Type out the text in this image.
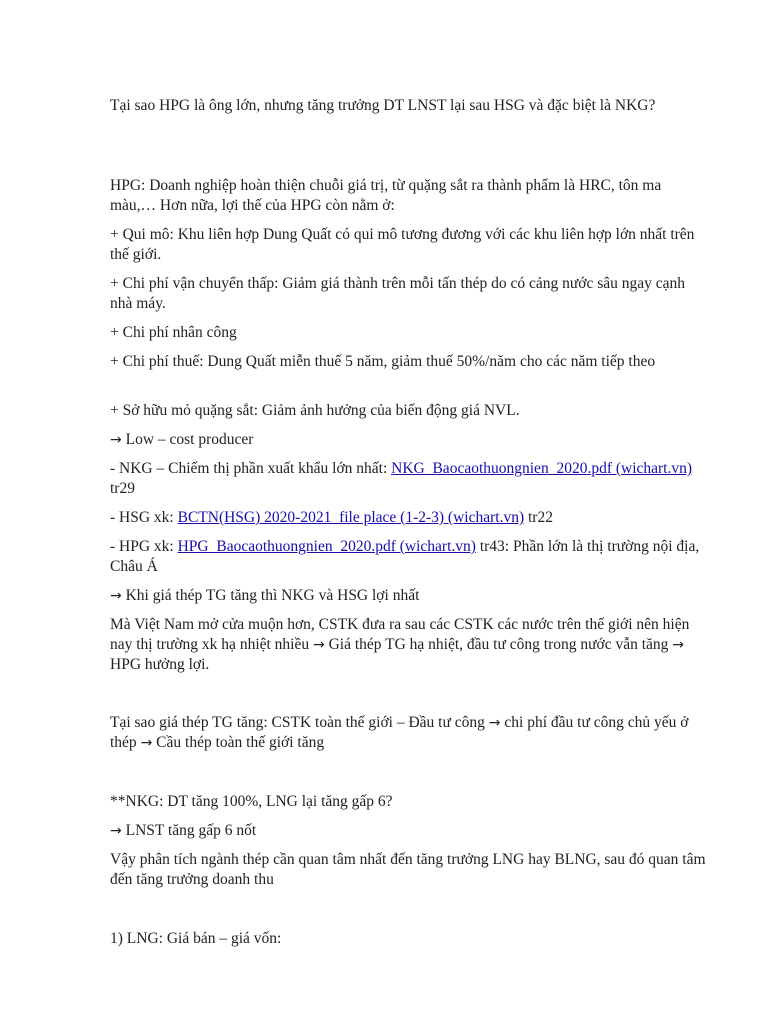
Tại sao HPG là ông lớn, nhưng tăng trưởng DT LNST lại sau HSG và đặc biệt là NKG?

HPG: Doanh nghiệp hoàn thiện chuỗi giá trị, từ quặng sắt ra thành phẩm là HRC, tôn ma màu,… Hơn nữa, lợi thế của HPG còn nằm ở:

+ Qui mô: Khu liên hợp Dung Quất có qui mô tương đương với các khu liên hợp lớn nhất trên thế giới.

+ Chi phí vận chuyển thấp: Giảm giá thành trên mỗi tấn thép do có cảng nước sâu ngay cạnh nhà máy.

+ Chi phí nhân công

+ Chi phí thuế: Dung Quất miễn thuế 5 năm, giảm thuế 50%/năm cho các năm tiếp theo

+ Sở hữu mỏ quặng sắt: Giảm ảnh hưởng của biến động giá NVL.

→ Low – cost producer

- NKG – Chiếm thị phần xuất khẩu lớn nhất: NKG_Baocaothuongnien_2020.pdf (wichart.vn) tr29

- HSG xk: BCTN(HSG) 2020-2021_file place (1-2-3) (wichart.vn) tr22

- HPG xk: HPG_Baocaothuongnien_2020.pdf (wichart.vn) tr43: Phần lớn là thị trường nội địa, Châu Á

→ Khi giá thép TG tăng thì NKG và HSG lợi nhất

Mà Việt Nam mở cửa muộn hơn, CSTK đưa ra sau các CSTK các nước trên thế giới nên hiện nay thị trường xk hạ nhiệt nhiều → Giá thép TG hạ nhiệt, đầu tư công trong nước vẫn tăng → HPG hưởng lợi.

Tại sao giá thép TG tăng: CSTK toàn thế giới – Đầu tư công → chi phí đầu tư công chủ yếu ở thép → Cầu thép toàn thế giới tăng

**NKG: DT tăng 100%, LNG lại tăng gấp 6?

→ LNST tăng gấp 6 nốt

Vậy phân tích ngành thép cần quan tâm nhất đến tăng trưởng LNG hay BLNG, sau đó quan tâm đến tăng trưởng doanh thu

1) LNG: Giá bán – giá vốn:
